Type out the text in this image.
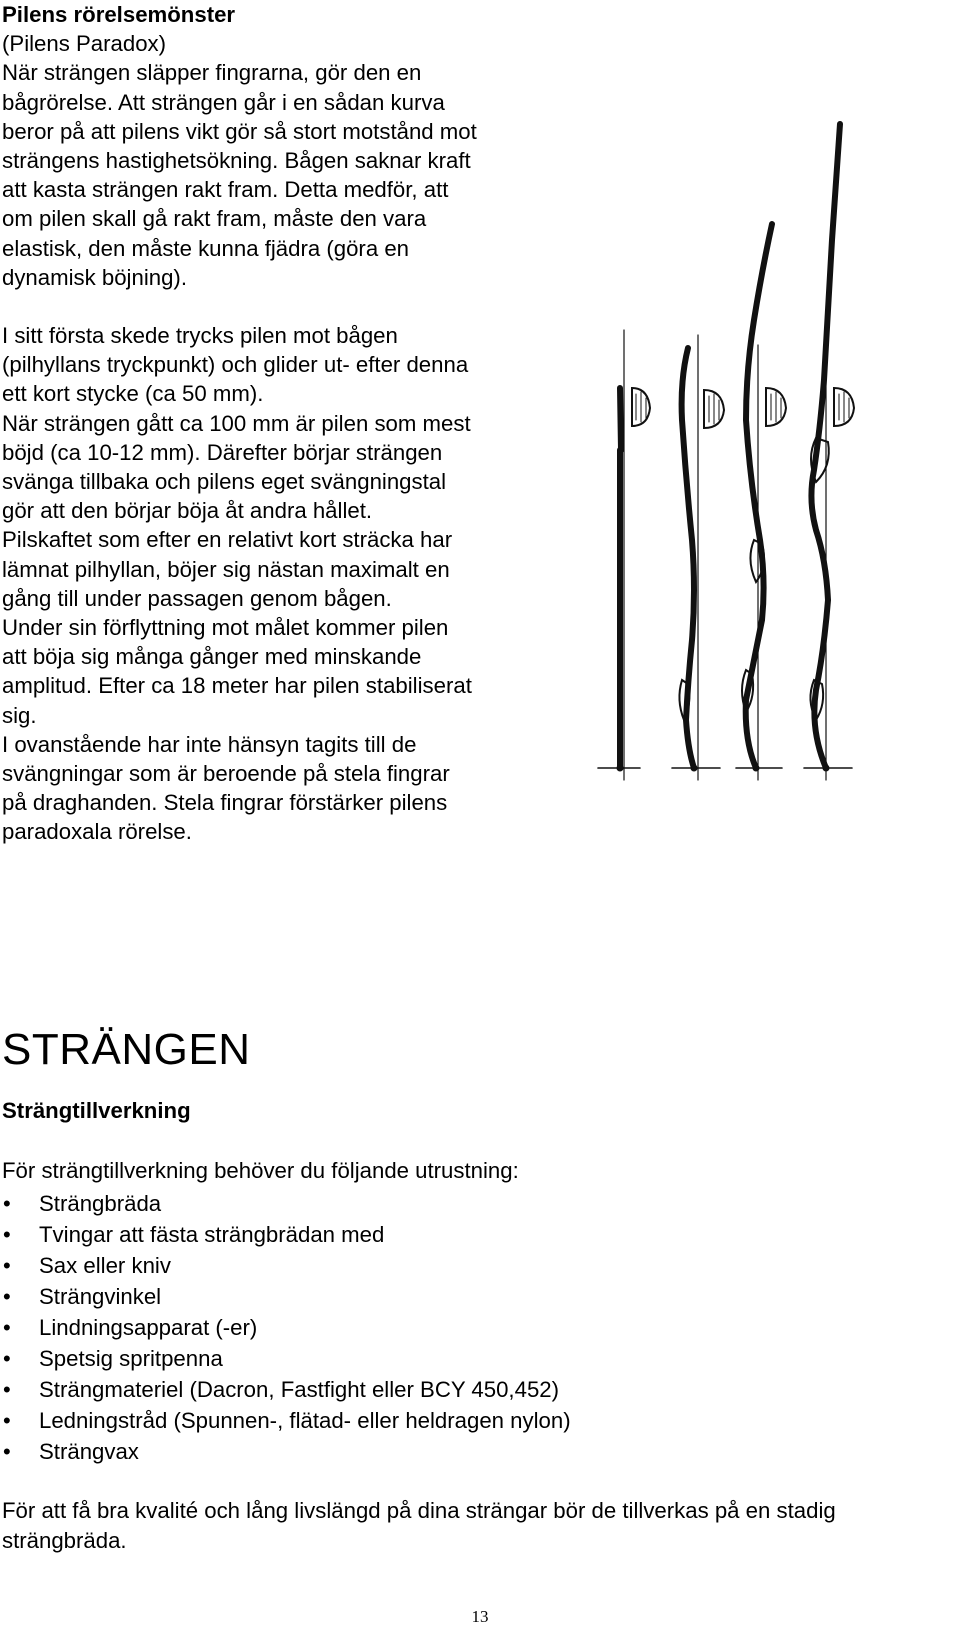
Pilens rörelsemönster

(Pilens Paradox)
När strängen släpper fingrarna, gör den en
bågrörelse. Att strängen går i en sådan kurva
beror på att pilens vikt gör så stort motstånd mot
strängens hastighetsökning. Bågen saknar kraft
att kasta strängen rakt fram. Detta medför, att
om pilen skall gå rakt fram, måste den vara
elastisk, den måste kunna fjädra (göra en
dynamisk böjning).
I sitt första skede trycks pilen mot bågen
(pilhyllans tryckpunkt) och glider ut- efter denna
ett kort stycke (ca 50 mm).
När strängen gått ca 100 mm är pilen som mest
böjd (ca 10-12 mm). Därefter börjar strängen
svänga tillbaka och pilens eget svängningstal
gör att den börjar böja åt andra hållet.
Pilskaftet som efter en relativt kort sträcka har
lämnat pilhyllan, böjer sig nästan maximalt en
gång till under passagen genom bågen.
Under sin förflyttning mot målet kommer pilen
att böja sig många gånger med minskande
amplitud. Efter ca 18 meter har pilen stabiliserat
sig.
I ovanstående har inte hänsyn tagits till de
svängningar som är beroende på stela fingrar
på draghanden. Stela fingrar förstärker pilens
paradoxala rörelse.
STRÄNGEN
Strängtillverkning

För strängtillverkning behöver du följande utrustning:

•	Strängbräda
•	Tvingar att fästa strängbrädan med
•	Sax eller kniv
•	Strängvinkel
•	Lindningsapparat (-er)
•	Spetsig spritpenna
•	Strängmateriel (Dacron, Fastfight eller BCY 450,452)
•	Ledningstråd (Spunnen-, flätad- eller heldragen nylon)
•	Strängvax
För att få bra kvalité och lång livslängd på dina strängar bör de tillverkas på en stadig
strängbräda.
13
